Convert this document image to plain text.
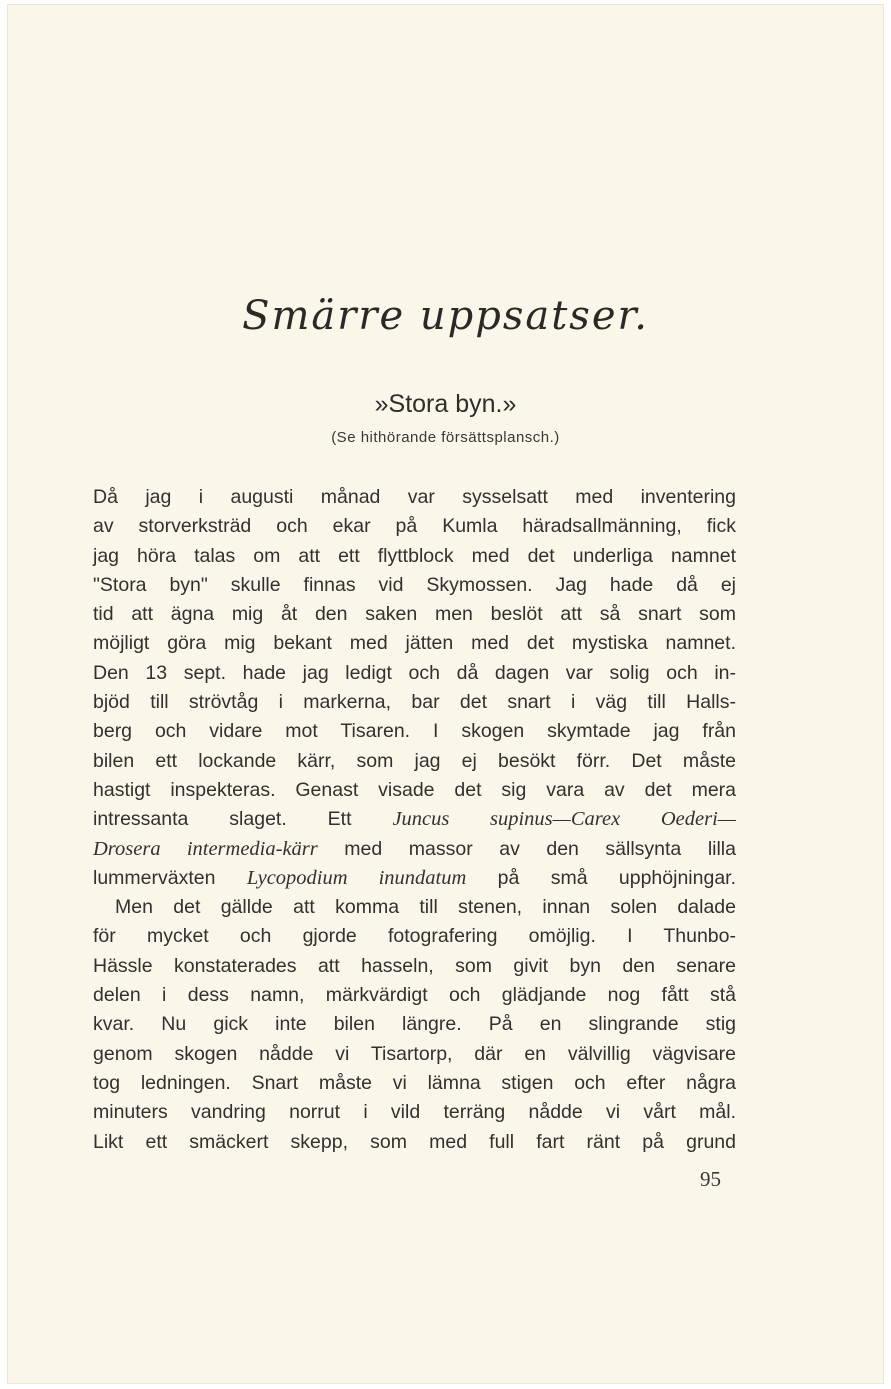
Smärre uppsatser.
»Stora byn.»
(Se hithörande försättsplansch.)
Då jag i augusti månad var sysselsatt med inventering
av storverksträd och ekar på Kumla häradsallmänning, fick
jag höra talas om att ett flyttblock med det underliga namnet
"Stora byn" skulle finnas vid Skymossen. Jag hade då ej
tid att ägna mig åt den saken men beslöt att så snart som
möjligt göra mig bekant med jätten med det mystiska namnet.
Den 13 sept. hade jag ledigt och då dagen var solig och in-
bjöd till strövtåg i markerna, bar det snart i väg till Halls-
berg och vidare mot Tisaren. I skogen skymtade jag från
bilen ett lockande kärr, som jag ej besökt förr. Det måste
hastigt inspekteras. Genast visade det sig vara av det mera
intressanta slaget. Ett Juncus supinus—Carex Oederi—
Drosera intermedia-kärr med massor av den sällsynta lilla
lummerväxten Lycopodium inundatum på små upphöjningar.
Men det gällde att komma till stenen, innan solen dalade
för mycket och gjorde fotografering omöjlig. I Thunbo-
Hässle konstaterades att hasseln, som givit byn den senare
delen i dess namn, märkvärdigt och glädjande nog fått stå
kvar. Nu gick inte bilen längre. På en slingrande stig
genom skogen nådde vi Tisartorp, där en välvillig vägvisare
tog ledningen. Snart måste vi lämna stigen och efter några
minuters vandring norrut i vild terräng nådde vi vårt mål.
Likt ett smäckert skepp, som med full fart ränt på grund
95
